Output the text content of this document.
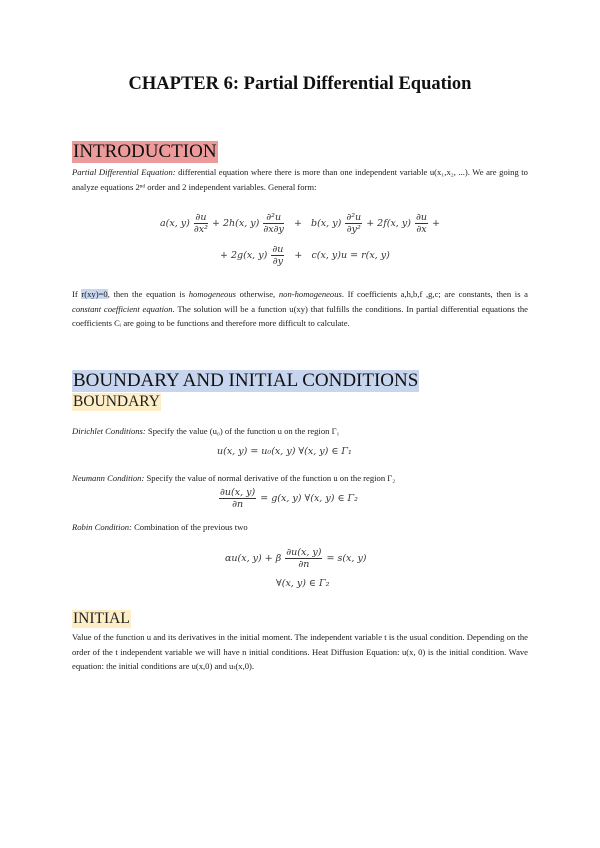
CHAPTER 6: Partial Differential Equation
INTRODUCTION
Partial Differential Equation: differential equation where there is more than one independent variable u(x₁,x₂, ...). We are going to analyze equations 2ⁿᵈ order and 2 independent variables. General form:
a(x, $y) \frac{\partial u}{\text{∂x²}} + 2h(x$, $y) \frac{\text{∂²u}}{\partial x\partial y} + b(x$, $y) \frac{\text{∂²u}}{\text{∂y²}} + 2f(x$, $y) \frac{\partial u}{\partial x}$ +
+ 2g(x, $y) \frac{\partial u}{\partial y} + c(x$, y)u = r(x, y)
If r(xy)=0, then the equation is homogeneous otherwise, non-homogeneous. If coefficients a,h,b,f ,g,c; are constants, then is a constant coefficient equation. The solution will be a function u(xy) that fulfills the conditions. In partial differential equations the coefficients Cᵢ are going to be functions and therefore more difficult to calculate.
BOUNDARY AND INITIAL CONDITIONS
BOUNDARY
Dirichlet Conditions: Specify the value (u₀) of the function u on the region Γ₁
u(x, y) = u₀(x, y) ∀(x, y) ∈ Γ₁
Neumann Condition: Specify the value of normal derivative of the function u on the region Γ₂
$\frac{\partial u(x, y)}{\partial n} = g(x$, y) ∀(x, y) ∈ Γ₂
Robin Condition: Combination of the previous two
αu(x, y) + β $\frac{\partial u(x, y)}{\partial n} = s(x$, y)
∀(x, y) ∈ Γ₂
INITIAL
Value of the function u and its derivatives in the initial moment. The independent variable t is the usual condition. Depending on the order of the t independent variable we will have n initial conditions. Heat Diffusion Equation: u(x, 0) is the initial condition. Wave equation: the initial conditions are u(x,0) and uₜ(x,0).
